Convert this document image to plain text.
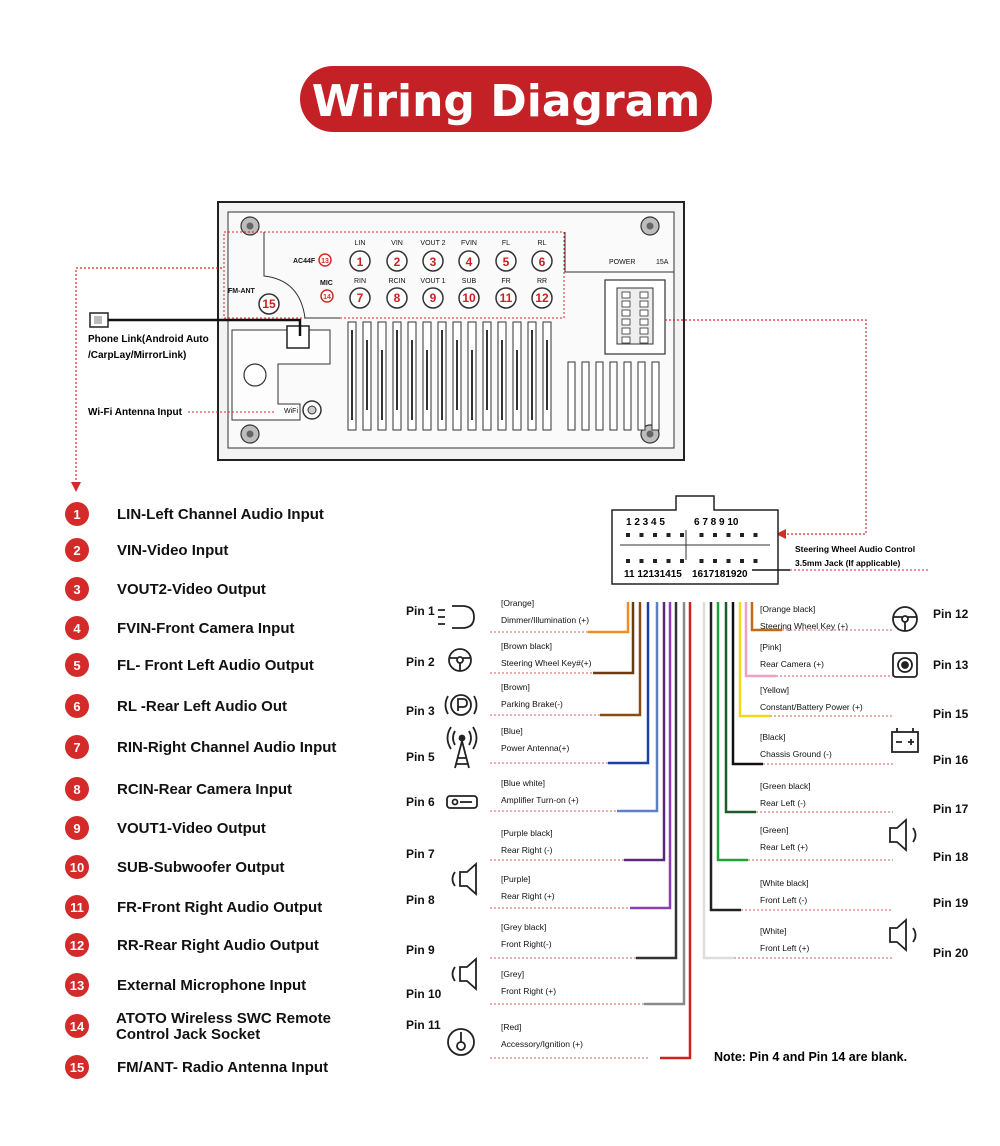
Wiring Diagram
FM-ANT
15
AC44F 13
MIC
14
LIN
1
RIN
7
VIN
2
RCIN
8
VOUT 2
3
VOUT 1
9
FVIN
4
SUB
10
FL
5
FR
11
RL
6
RR
12
POWER	15A
WiFi
Phone Link(Android Auto
/CarpLay/MirrorLink)
Wi-Fi Antenna Input
1 LIN-Left Channel Audio Input
2 VIN-Video Input
3 VOUT2-Video Output
4 FVIN-Front Camera Input
5 FL- Front Left Audio Output
6 RL -Rear Left Audio Out
7 RIN-Right Channel Audio Input
8 RCIN-Rear Camera Input
9 VOUT1-Video Output
10 SUB-Subwoofer Output
11 FR-Front Right Audio Output
12 RR-Rear Right Audio Output
13 External Microphone Input
14 ATOTO Wireless SWC Remote
Control Jack Socket
15 FM/ANT- Radio Antenna Input
1 2 3 4 5	6 7 8 9 10
11 12131415 1617181920
Steering Wheel Audio Control
3.5mm Jack (If applicable)
Pin 1
[Orange]
Dimmer/Illumination (+)
Pin 2
[Brown black]
Steering Wheel Key#(+)
Pin 3
[Brown]
Parking Brake(-)
Pin 5
[Blue]
Power Antenna(+)
Pin 6
[Blue white]
Amplifier Turn-on (+)
Pin 7
[Purple black]
Rear Right (-)
Pin 8
[Purple]
Rear Right (+)
Pin 9
[Grey black]
Front Right(-)
Pin 10
[Grey]
Front Right (+)
Pin 11	[Red]
Accessory/Ignition (+)
Pin 12
[Orange black]
Steering Wheel Key (+)
Pin 13
[Pink]
Rear Camera (+)
Pin 15
[Yellow]
Constant/Battery Power (+)
Pin 16
[Black]
Chassis Ground (-)
Pin 17
[Green black]
Rear Left (-)
Pin 18
[Green]
Rear Left (+)
Pin 19
[White black]
Front Left (-)
Pin 20
[White]
Front Left (+)
Note: Pin 4 and Pin 14 are blank.
